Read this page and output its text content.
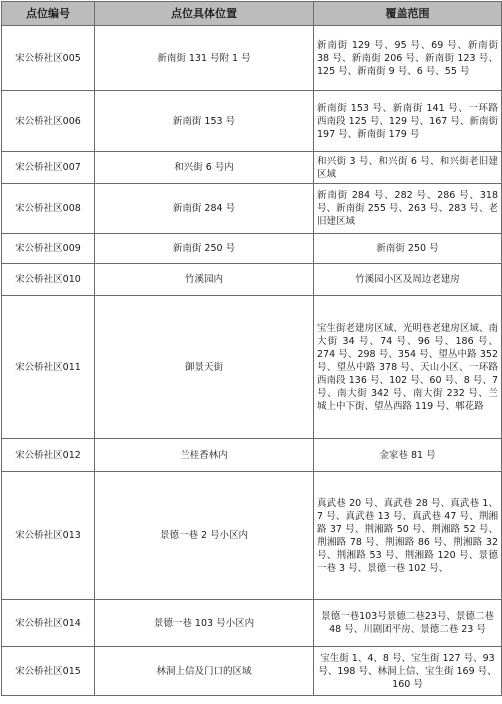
点位编号	点位具体位置	覆盖范围
宋公桥社区005	新南街 131 号附 1 号	新南街 129 号、95 号、69 号、新南街 38 号、新南街 206 号、新南街 123 号、125 号、新南街 9 号、6 号、55 号
宋公桥社区006	新南街 153 号	新南街 153 号、新南街 141 号、一环路西南段 125 号、129 号、167 号、新南街 197 号、新南街 179 号
宋公桥社区007	和兴街 6 号内	和兴街 3 号、和兴街 6 号、和兴街老旧建区域
宋公桥社区008	新南街 284 号	新南街 284 号、282 号、286 号、318 号、新南街 255 号、263 号、283 号、老旧建区域
宋公桥社区009	新南街 250 号	新南街 250 号
宋公桥社区010	竹溪园内	竹溪园小区及周边老建房
宋公桥社区011	御景天街	宝生街老建房区域、光明巷老建房区域、南大街 34 号、74 号、96 号、186 号、274 号、298 号、354 号、望丛中路 352 号、望丛中路 378 号、天山小区、一环路西南段 136 号、102 号、60 号、8 号、7 号、南大街 342 号、南大街 232 号、兰城上中下街、望丛西路 119 号、郫花路
宋公桥社区012	兰桂香林内	金家巷 81 号
宋公桥社区013	景德一巷 2 号小区内	真武巷 20 号、真武巷 28 号、真武巷 1、7 号、真武巷 13 号、真武巷 47 号、荆湘路 37 号、荆湘路 50 号、荆湘路 52 号、荆湘路 78 号、荆湘路 86 号、荆湘路 32 号、荆湘路 53 号、荆湘路 120 号、景德一巷 3 号、景德一巷 102 号、
宋公桥社区014	景德一巷 103 号小区内	景德一巷103号景德二巷23号、景德二巷 48 号、川剧团平房、景德二巷 23 号
宋公桥社区015	林洞上信及门口的区域	宝生街 1、4、8 号、宝生街 127 号、93 号、198 号、林洞上信、宝生街 169 号、160 号
